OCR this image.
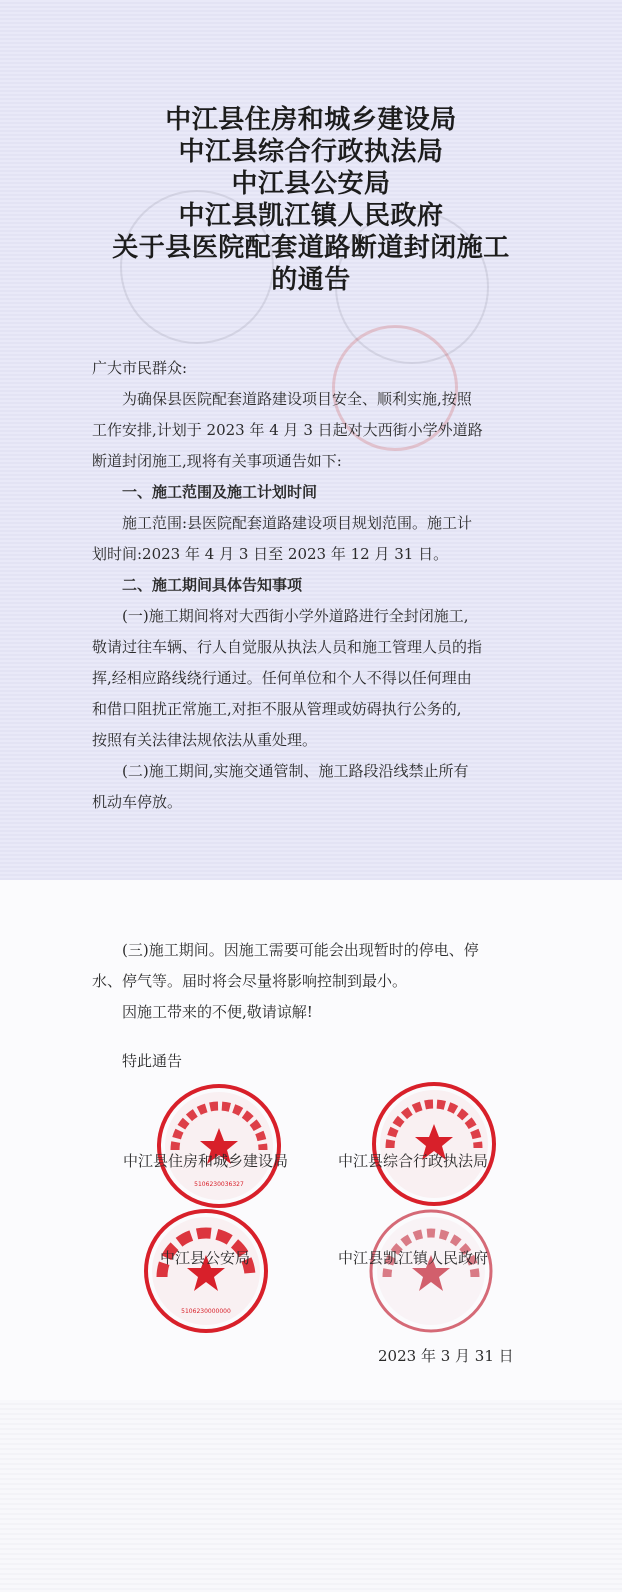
中江县住房和城乡建设局
中江县综合行政执法局
中江县公安局
中江县凯江镇人民政府
关于县医院配套道路断道封闭施工
的通告
广大市民群众:
为确保县医院配套道路建设项目安全、顺利实施,按照
工作安排,计划于 2023 年 4 月 3 日起对大西街小学外道路
断道封闭施工,现将有关事项通告如下:
一、施工范围及施工计划时间
施工范围:县医院配套道路建设项目规划范围。施工计
划时间:2023 年 4 月 3 日至 2023 年 12 月 31 日。
二、施工期间具体告知事项
(一)施工期间将对大西街小学外道路进行全封闭施工,
敬请过往车辆、行人自觉服从执法人员和施工管理人员的指
挥,经相应路线绕行通过。任何单位和个人不得以任何理由
和借口阻扰正常施工,对拒不服从管理或妨碍执行公务的,
按照有关法律法规依法从重处理。
(二)施工期间,实施交通管制、施工路段沿线禁止所有
机动车停放。
(三)施工期间。因施工需要可能会出现暂时的停电、停
水、停气等。届时将会尽量将影响控制到最小。
因施工带来的不便,敬请谅解!
特此通告
5106230036327
5106230000000
中江县住房和城乡建设局	中江县综合行政执法局
中江县公安局	中江县凯江镇人民政府
2023 年 3 月 31 日
